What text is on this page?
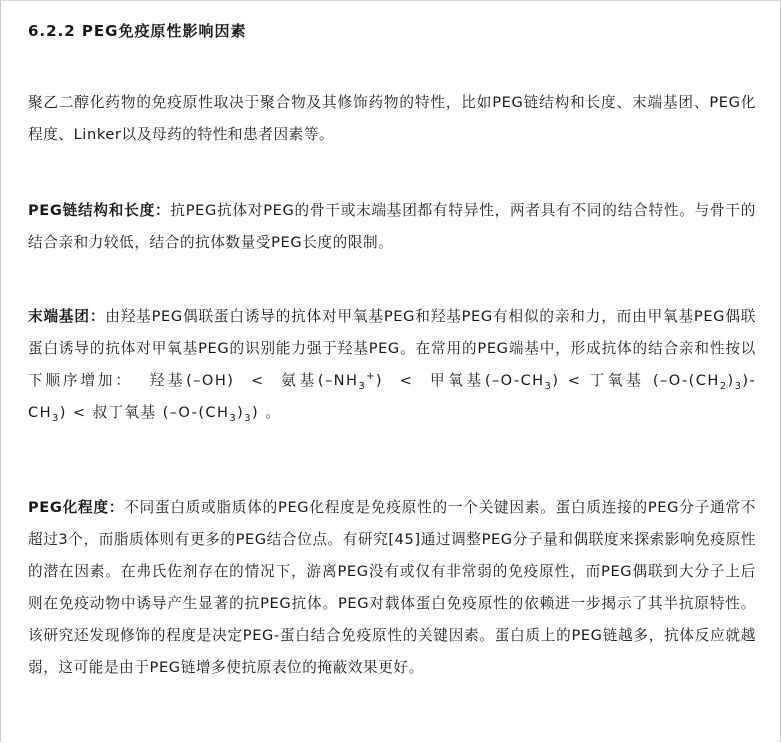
6.2.2 PEG免疫原性影响因素

聚乙二醇化药物的免疫原性取决于聚合物及其修饰药物的特性，比如PEG链结构和长度、末端基团、PEG化程度、Linker以及母药的特性和患者因素等。

PEG链结构和长度：抗PEG抗体对PEG的骨干或末端基团都有特异性，两者具有不同的结合特性。与骨干的结合亲和力较低，结合的抗体数量受PEG长度的限制。

末端基团：由羟基PEG偶联蛋白诱导的抗体对甲氧基PEG和羟基PEG有相似的亲和力，而由甲氧基PEG偶联蛋白诱导的抗体对甲氧基PEG的识别能力强于羟基PEG。在常用的PEG端基中，形成抗体的结合亲和性按以下顺序增加： 羟基(–OH) < 氨基$(-NH_3^+)$ < 甲氧基$(-O-CH_3)$ < 丁氧基 $(-O-(CH_2)_3)-CH_3$) < 叔丁氧基 $(-O-(CH_3)_3)$ 。

PEG化程度：不同蛋白质或脂质体的PEG化程度是免疫原性的一个关键因素。蛋白质连接的PEG分子通常不超过3个，而脂质体则有更多的PEG结合位点。有研究[45]通过调整PEG分子量和偶联度来探索影响免疫原性的潜在因素。在弗氏佐剂存在的情况下，游离PEG没有或仅有非常弱的免疫原性，而PEG偶联到大分子上后则在免疫动物中诱导产生显著的抗PEG抗体。PEG对载体蛋白免疫原性的依赖进一步揭示了其半抗原特性。该研究还发现修饰的程度是决定PEG-蛋白结合免疫原性的关键因素。蛋白质上的PEG链越多，抗体反应就越弱，这可能是由于PEG链增多使抗原表位的掩蔽效果更好。
